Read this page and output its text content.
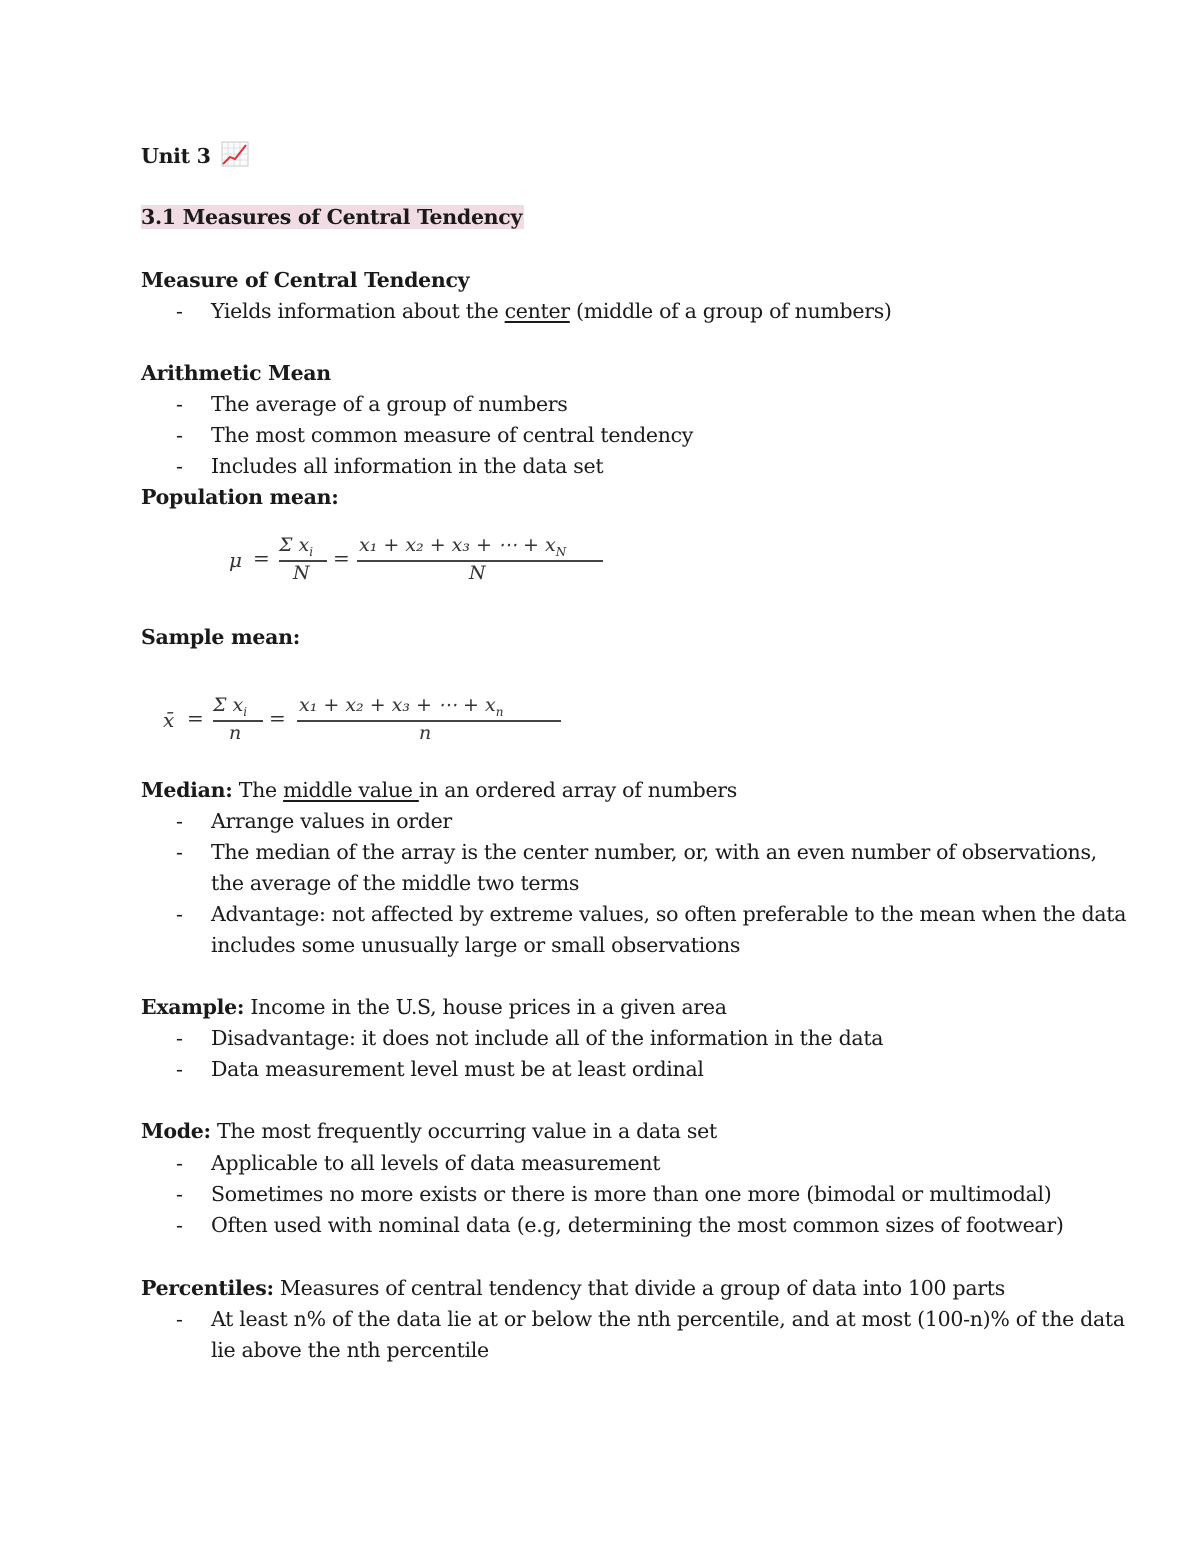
Unit 3
3.1 Measures of Central Tendency
Measure of Central Tendency
- Yields information about the center (middle of a group of numbers)
Arithmetic Mean
- The average of a group of numbers
- The most common measure of central tendency
- Includes all information in the data set
Population mean:
μ =
Σ $x_i$
N
=
x₁ + x₂ + x₃ + ⋯ + $x_N$
N
Sample mean:
x̄ =
Σ $x_i$
n
=
x₁ + x₂ + x₃ + ⋯ + $x_n$
n
Median: The middle value in an ordered array of numbers
- Arrange values in order
- The median of the array is the center number, or, with an even number of observations,
the average of the middle two terms
- Advantage: not affected by extreme values, so often preferable to the mean when the data
includes some unusually large or small observations
Example: Income in the U.S, house prices in a given area
- Disadvantage: it does not include all of the information in the data
- Data measurement level must be at least ordinal
Mode: The most frequently occurring value in a data set
- Applicable to all levels of data measurement
- Sometimes no more exists or there is more than one more (bimodal or multimodal)
- Often used with nominal data (e.g, determining the most common sizes of footwear)
Percentiles: Measures of central tendency that divide a group of data into 100 parts
- At least n% of the data lie at or below the nth percentile, and at most (100-n)% of the data
lie above the nth percentile
